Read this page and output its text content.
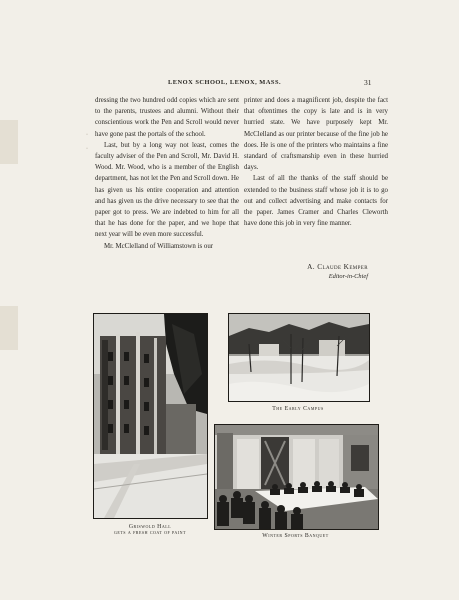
·
·
LENOX SCHOOL, LENOX, MASS.	31

dressing the two hundred odd copies which are sent to the parents, trustees and alumni. Without their conscientious work the Pen and Scroll would never have gone past the portals of the school.

Last, but by a long way not least, comes the faculty adviser of the Pen and Scroll, Mr. David H. Wood. Mr. Wood, who is a member of the English department, has not let the Pen and Scroll down. He has given us his entire cooperation and attention and has given us the drive necessary to see that the paper got to press. We are indebted to him for all that he has done for the paper, and we hope that next year will be even more successful.

Mr. McClelland of Williamstown is our

printer and does a magnificent job, despite the fact that oftentimes the copy is late and is in very hurried state. We have purposely kept Mr. McClelland as our printer because of the fine job he does. He is one of the printers who maintains a fine standard of craftsmanship even in these hurried days.

Last of all the thanks of the staff should be extended to the business staff whose job it is to go out and collect advertising and make contacts for the paper. James Cramer and Charles Cleworth have done this job in very fine manner.

A. Claude Kemper
Editor-in-Chief
Griswold Hall
gets a fresh coat of paint
The Early Campus
Winter Sports Banquet
